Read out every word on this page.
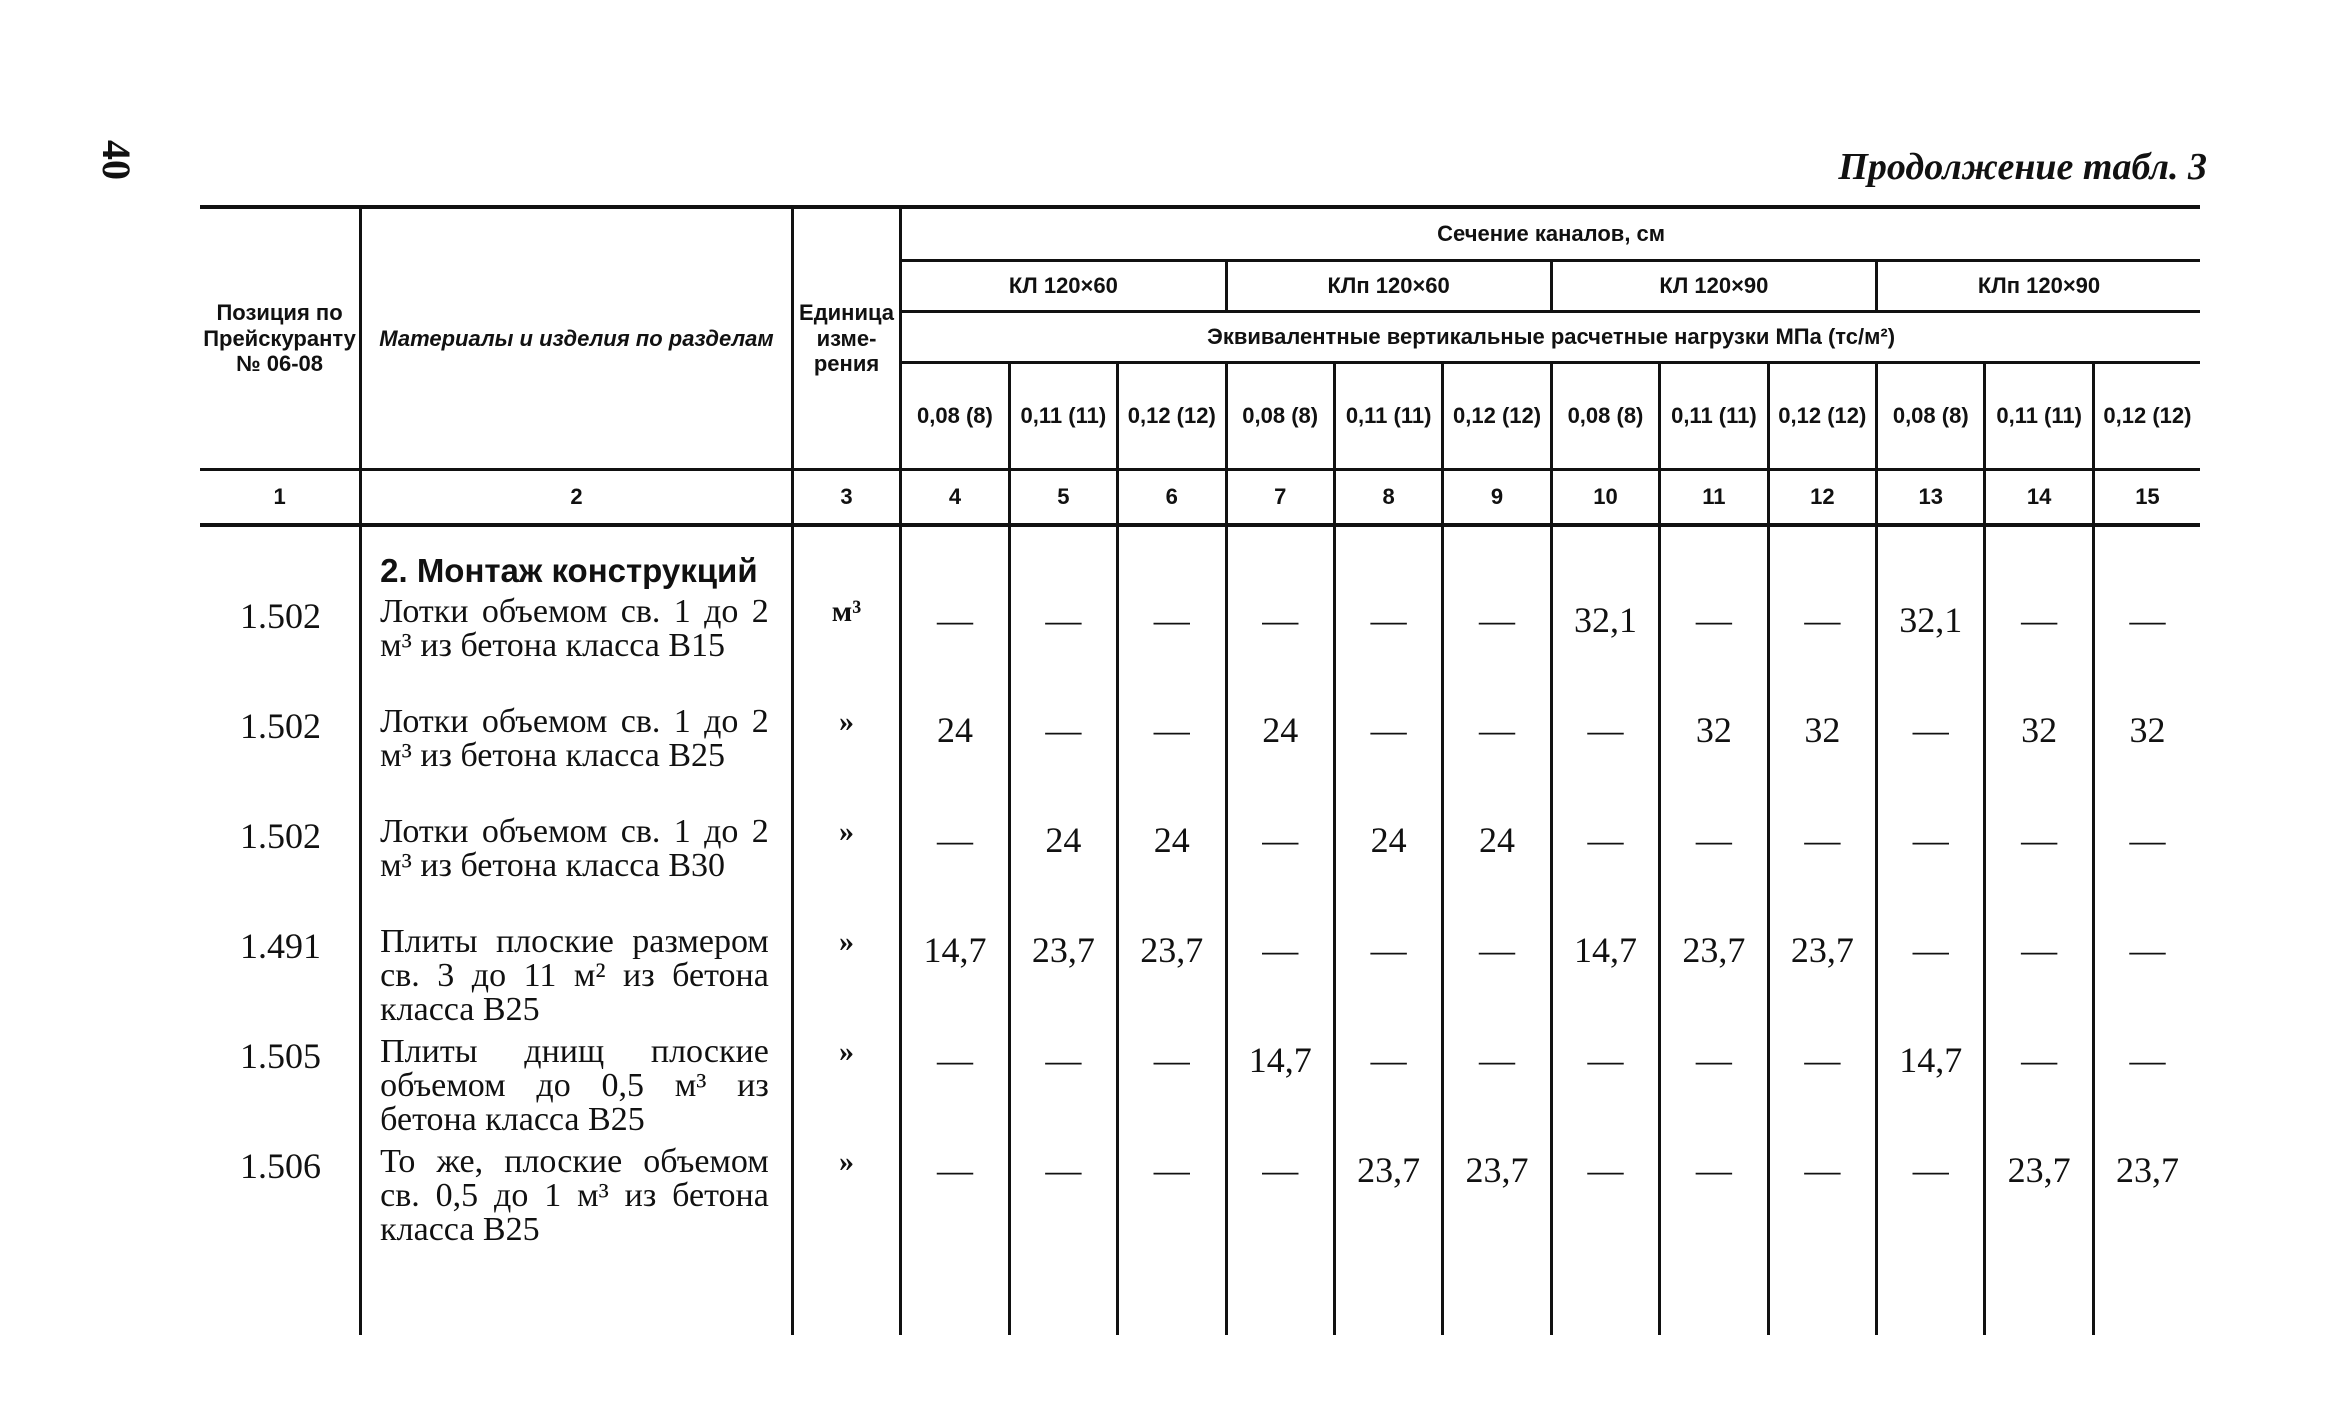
40	Продолжение табл. 3
Позиция по Прейскуранту № 06-08	Материалы и изделия по разделам	Единица измерения	Сечение каналов, см											
			КЛ 120×60			КЛп 120×60			КЛ 120×90			КЛп 120×90		
			Эквивалентные вертикальные расчетные нагрузки МПа (тс/м²)											
			0,08 (8)	0,11 (11)	0,12 (12)	0,08 (8)	0,11 (11)	0,12 (12)	0,08 (8)	0,11 (11)	0,12 (12)	0,08 (8)	0,11 (11)	0,12 (12)
1	2	3	4	5	6	7	8	9	10	11	12	13	14	15
	2. Монтаж конструкций													
1.502	Лотки объемом св. 1 до 2 м³ из бетона класса В15	м³	—	—	—	—	—	—	32,1	—	—	32,1	—	—
1.502	Лотки объемом св. 1 до 2 м³ из бетона класса В25	»	24	—	—	24	—	—	—	32	32	—	32	32
1.502	Лотки объемом св. 1 до 2 м³ из бетона класса В30	»	—	24	24	—	24	24	—	—	—	—	—	—
1.491	Плиты плоские размером св. 3 до 11 м² из бетона класса В25	»	14,7	23,7	23,7	—	—	—	14,7	23,7	23,7	—	—	—
1.505	Плиты днищ плоские объемом до 0,5 м³ из бетона класса В25	»	—	—	—	14,7	—	—	—	—	—	14,7	—	—
1.506	То же, плоские объемом св. 0,5 до 1 м³ из бетона класса В25	»	—	—	—	—	23,7	23,7	—	—	—	—	23,7	23,7
